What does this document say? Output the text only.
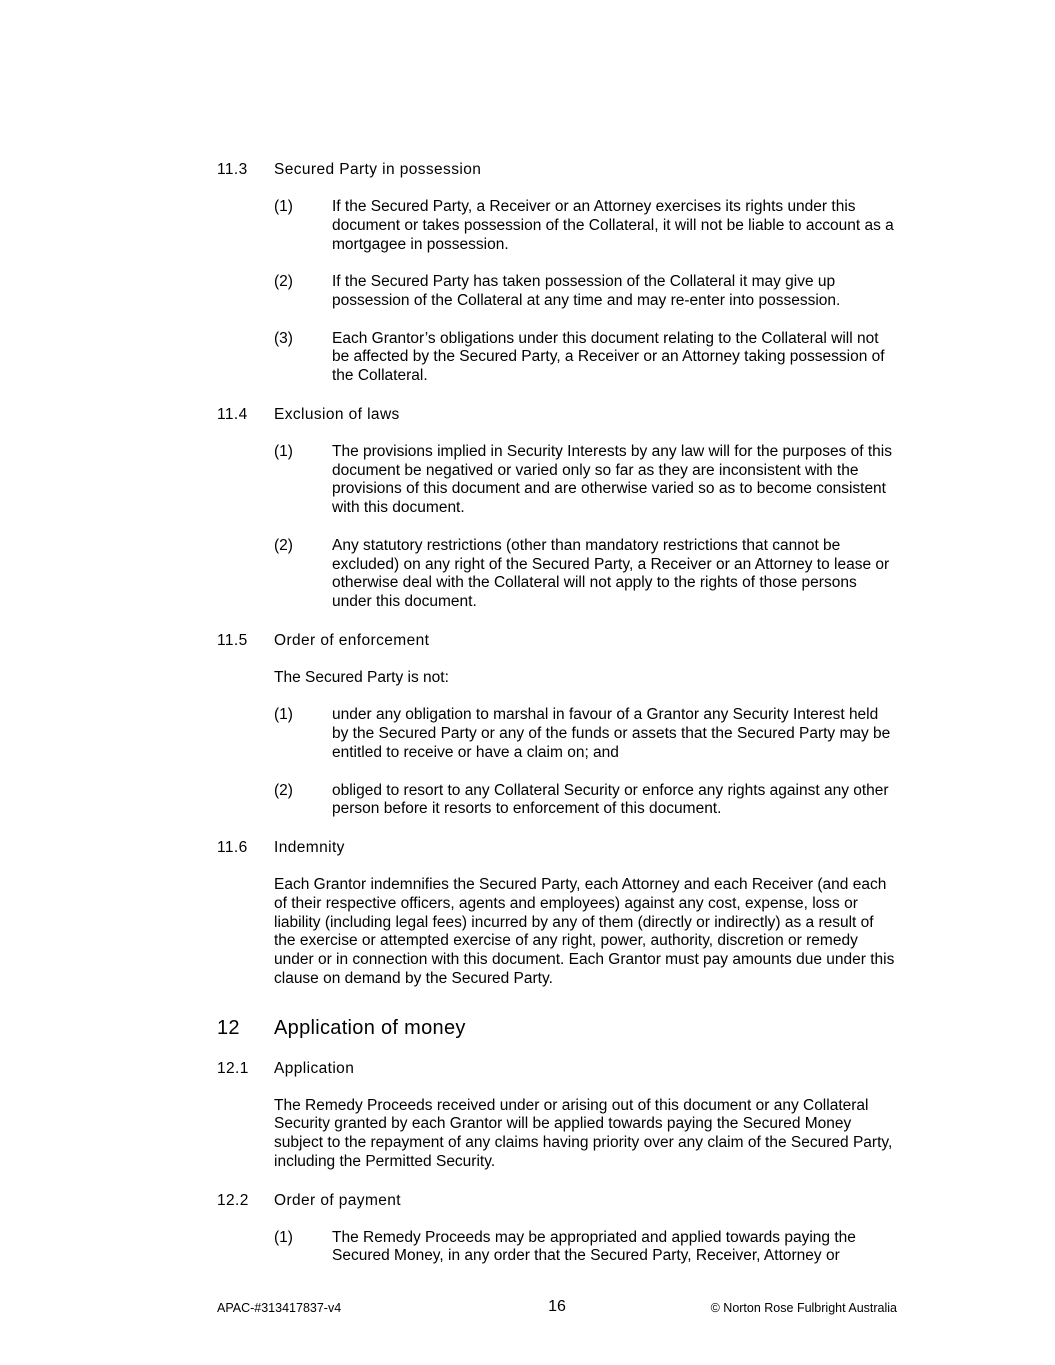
11.3	Secured Party in possession
(1)	If the Secured Party, a Receiver or an Attorney exercises its rights under this document or takes possession of the Collateral, it will not be liable to account as a mortgagee in possession.
(2)	If the Secured Party has taken possession of the Collateral it may give up possession of the Collateral at any time and may re-enter into possession.
(3)	Each Grantor’s obligations under this document relating to the Collateral will not be affected by the Secured Party, a Receiver or an Attorney taking possession of the Collateral.
11.4	Exclusion of laws
(1)	The provisions implied in Security Interests by any law will for the purposes of this document be negatived or varied only so far as they are inconsistent with the provisions of this document and are otherwise varied so as to become consistent with this document.
(2)	Any statutory restrictions (other than mandatory restrictions that cannot be excluded) on any right of the Secured Party, a Receiver or an Attorney to lease or otherwise deal with the Collateral will not apply to the rights of those persons under this document.
11.5	Order of enforcement
The Secured Party is not:
(1)	under any obligation to marshal in favour of a Grantor any Security Interest held by the Secured Party or any of the funds or assets that the Secured Party may be entitled to receive or have a claim on; and
(2)	obliged to resort to any Collateral Security or enforce any rights against any other person before it resorts to enforcement of this document.
11.6	Indemnity
Each Grantor indemnifies the Secured Party, each Attorney and each Receiver (and each of their respective officers, agents and employees) against any cost, expense, loss or liability (including legal fees) incurred by any of them (directly or indirectly) as a result of the exercise or attempted exercise of any right, power, authority, discretion or remedy under or in connection with this document. Each Grantor must pay amounts due under this clause on demand by the Secured Party.
12	Application of money
12.1	Application
The Remedy Proceeds received under or arising out of this document or any Collateral Security granted by each Grantor will be applied towards paying the Secured Money subject to the repayment of any claims having priority over any claim of the Secured Party, including the Permitted Security.
12.2	Order of payment
(1)	The Remedy Proceeds may be appropriated and applied towards paying the Secured Money, in any order that the Secured Party, Receiver, Attorney or
APAC-#313417837-v4	16	© Norton Rose Fulbright Australia
